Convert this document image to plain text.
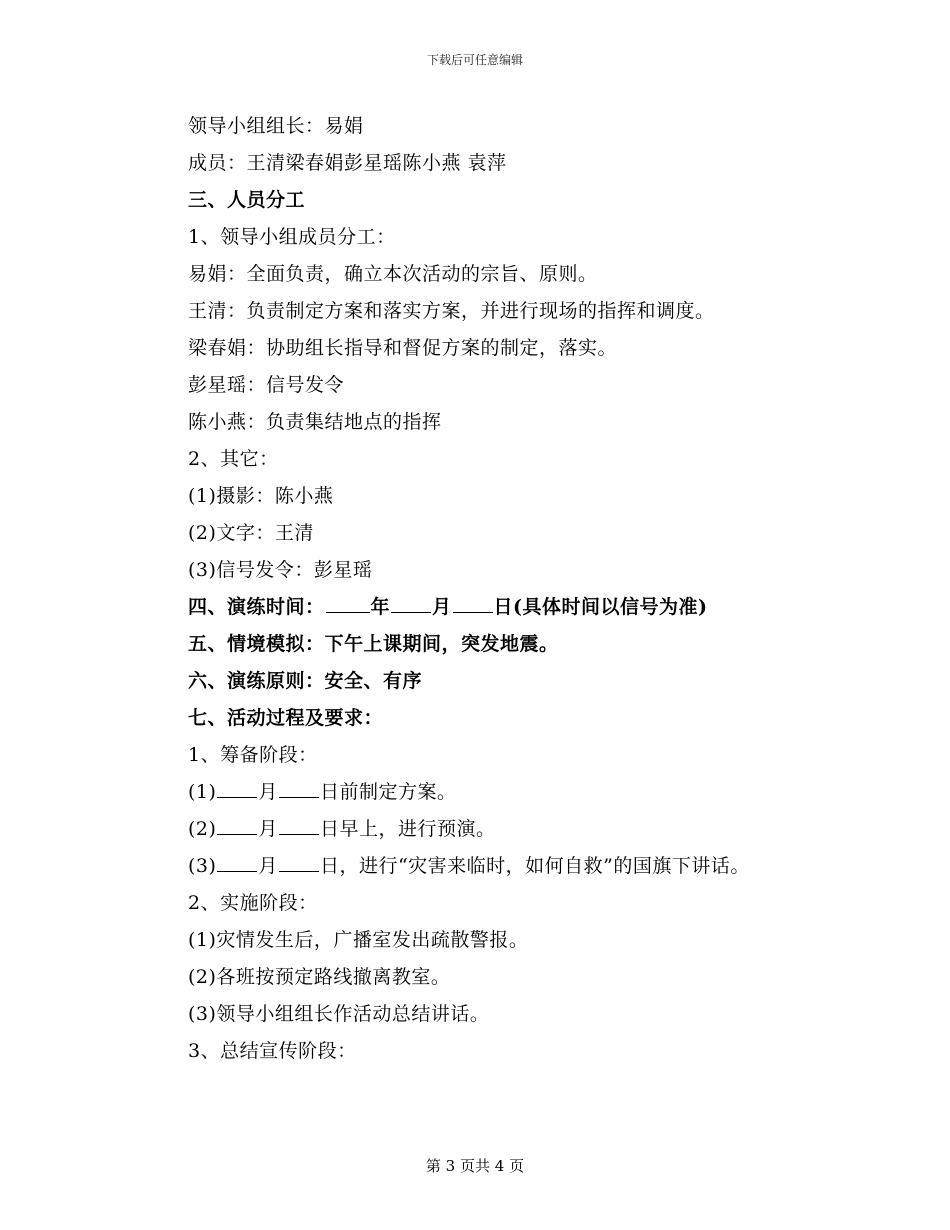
下载后可任意编辑
领导小组组长：易娟
成员：王清梁春娟彭星瑶陈小燕 袁萍
三、人员分工
1、领导小组成员分工：
易娟：全面负责，确立本次活动的宗旨、原则。
王清：负责制定方案和落实方案，并进行现场的指挥和调度。
梁春娟：协助组长指导和督促方案的制定，落实。
彭星瑶：信号发令
陈小燕：负责集结地点的指挥
2、其它：
(1)摄影：陈小燕
(2)文字：王清
(3)信号发令：彭星瑶
四、演练时间： 年 月 日(具体时间以信号为准)
五、情境模拟：下午上课期间，突发地震。
六、演练原则：安全、有序
七、活动过程及要求：
1、筹备阶段：
(1) 月 日前制定方案。
(2) 月 日早上，进行预演。
(3) 月 日，进行“灾害来临时，如何自救”的国旗下讲话。
2、实施阶段：
(1)灾情发生后，广播室发出疏散警报。
(2)各班按预定路线撤离教室。
(3)领导小组组长作活动总结讲话。
3、总结宣传阶段：
第 3 页共 4 页
